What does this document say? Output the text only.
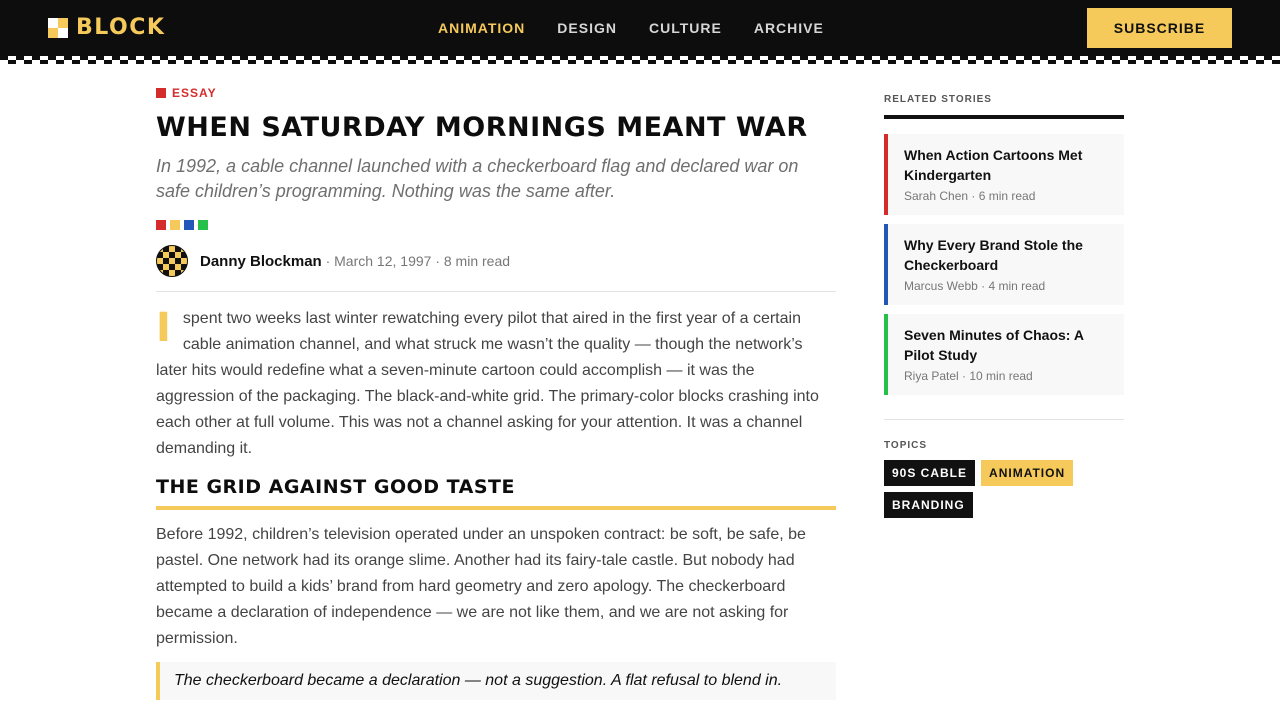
BLOCK	ANIMATION DESIGN CULTURE ARCHIVE	SUBSCRIBE
ESSAY
WHEN SATURDAY MORNINGS MEANT WAR

In 1992, a cable channel launched with a checkerboard flag and declared war on safe children’s programming. Nothing was the same after.

Danny Blockman · March 12, 1997 · 8 min read

Ispent two weeks last winter rewatching every pilot that aired in the first year of a certain cable animation channel, and what struck me wasn’t the quality — though the network’s later hits would redefine what a seven-minute cartoon could accomplish — it was the aggression of the packaging. The black-and-white grid. The primary-color blocks crashing into each other at full volume. This was not a channel asking for your attention. It was a channel demanding it.

THE GRID AGAINST GOOD TASTE

Before 1992, children’s television operated under an unspoken contract: be soft, be safe, be pastel. One network had its orange slime. Another had its fairy-tale castle. But nobody had attempted to build a kids’ brand from hard geometry and zero apology. The checkerboard became a declaration of independence — we are not like them, and we are not asking for permission.

The checkerboard became a declaration — not a suggestion. A flat refusal to blend in.
RELATED STORIES
When Action Cartoons Met Kindergarten
Sarah Chen · 6 min read
Why Every Brand Stole the Checkerboard
Marcus Webb · 4 min read
Seven Minutes of Chaos: A Pilot Study
Riya Patel · 10 min read
TOPICS
90S CABLE	ANIMATION
BRANDING
